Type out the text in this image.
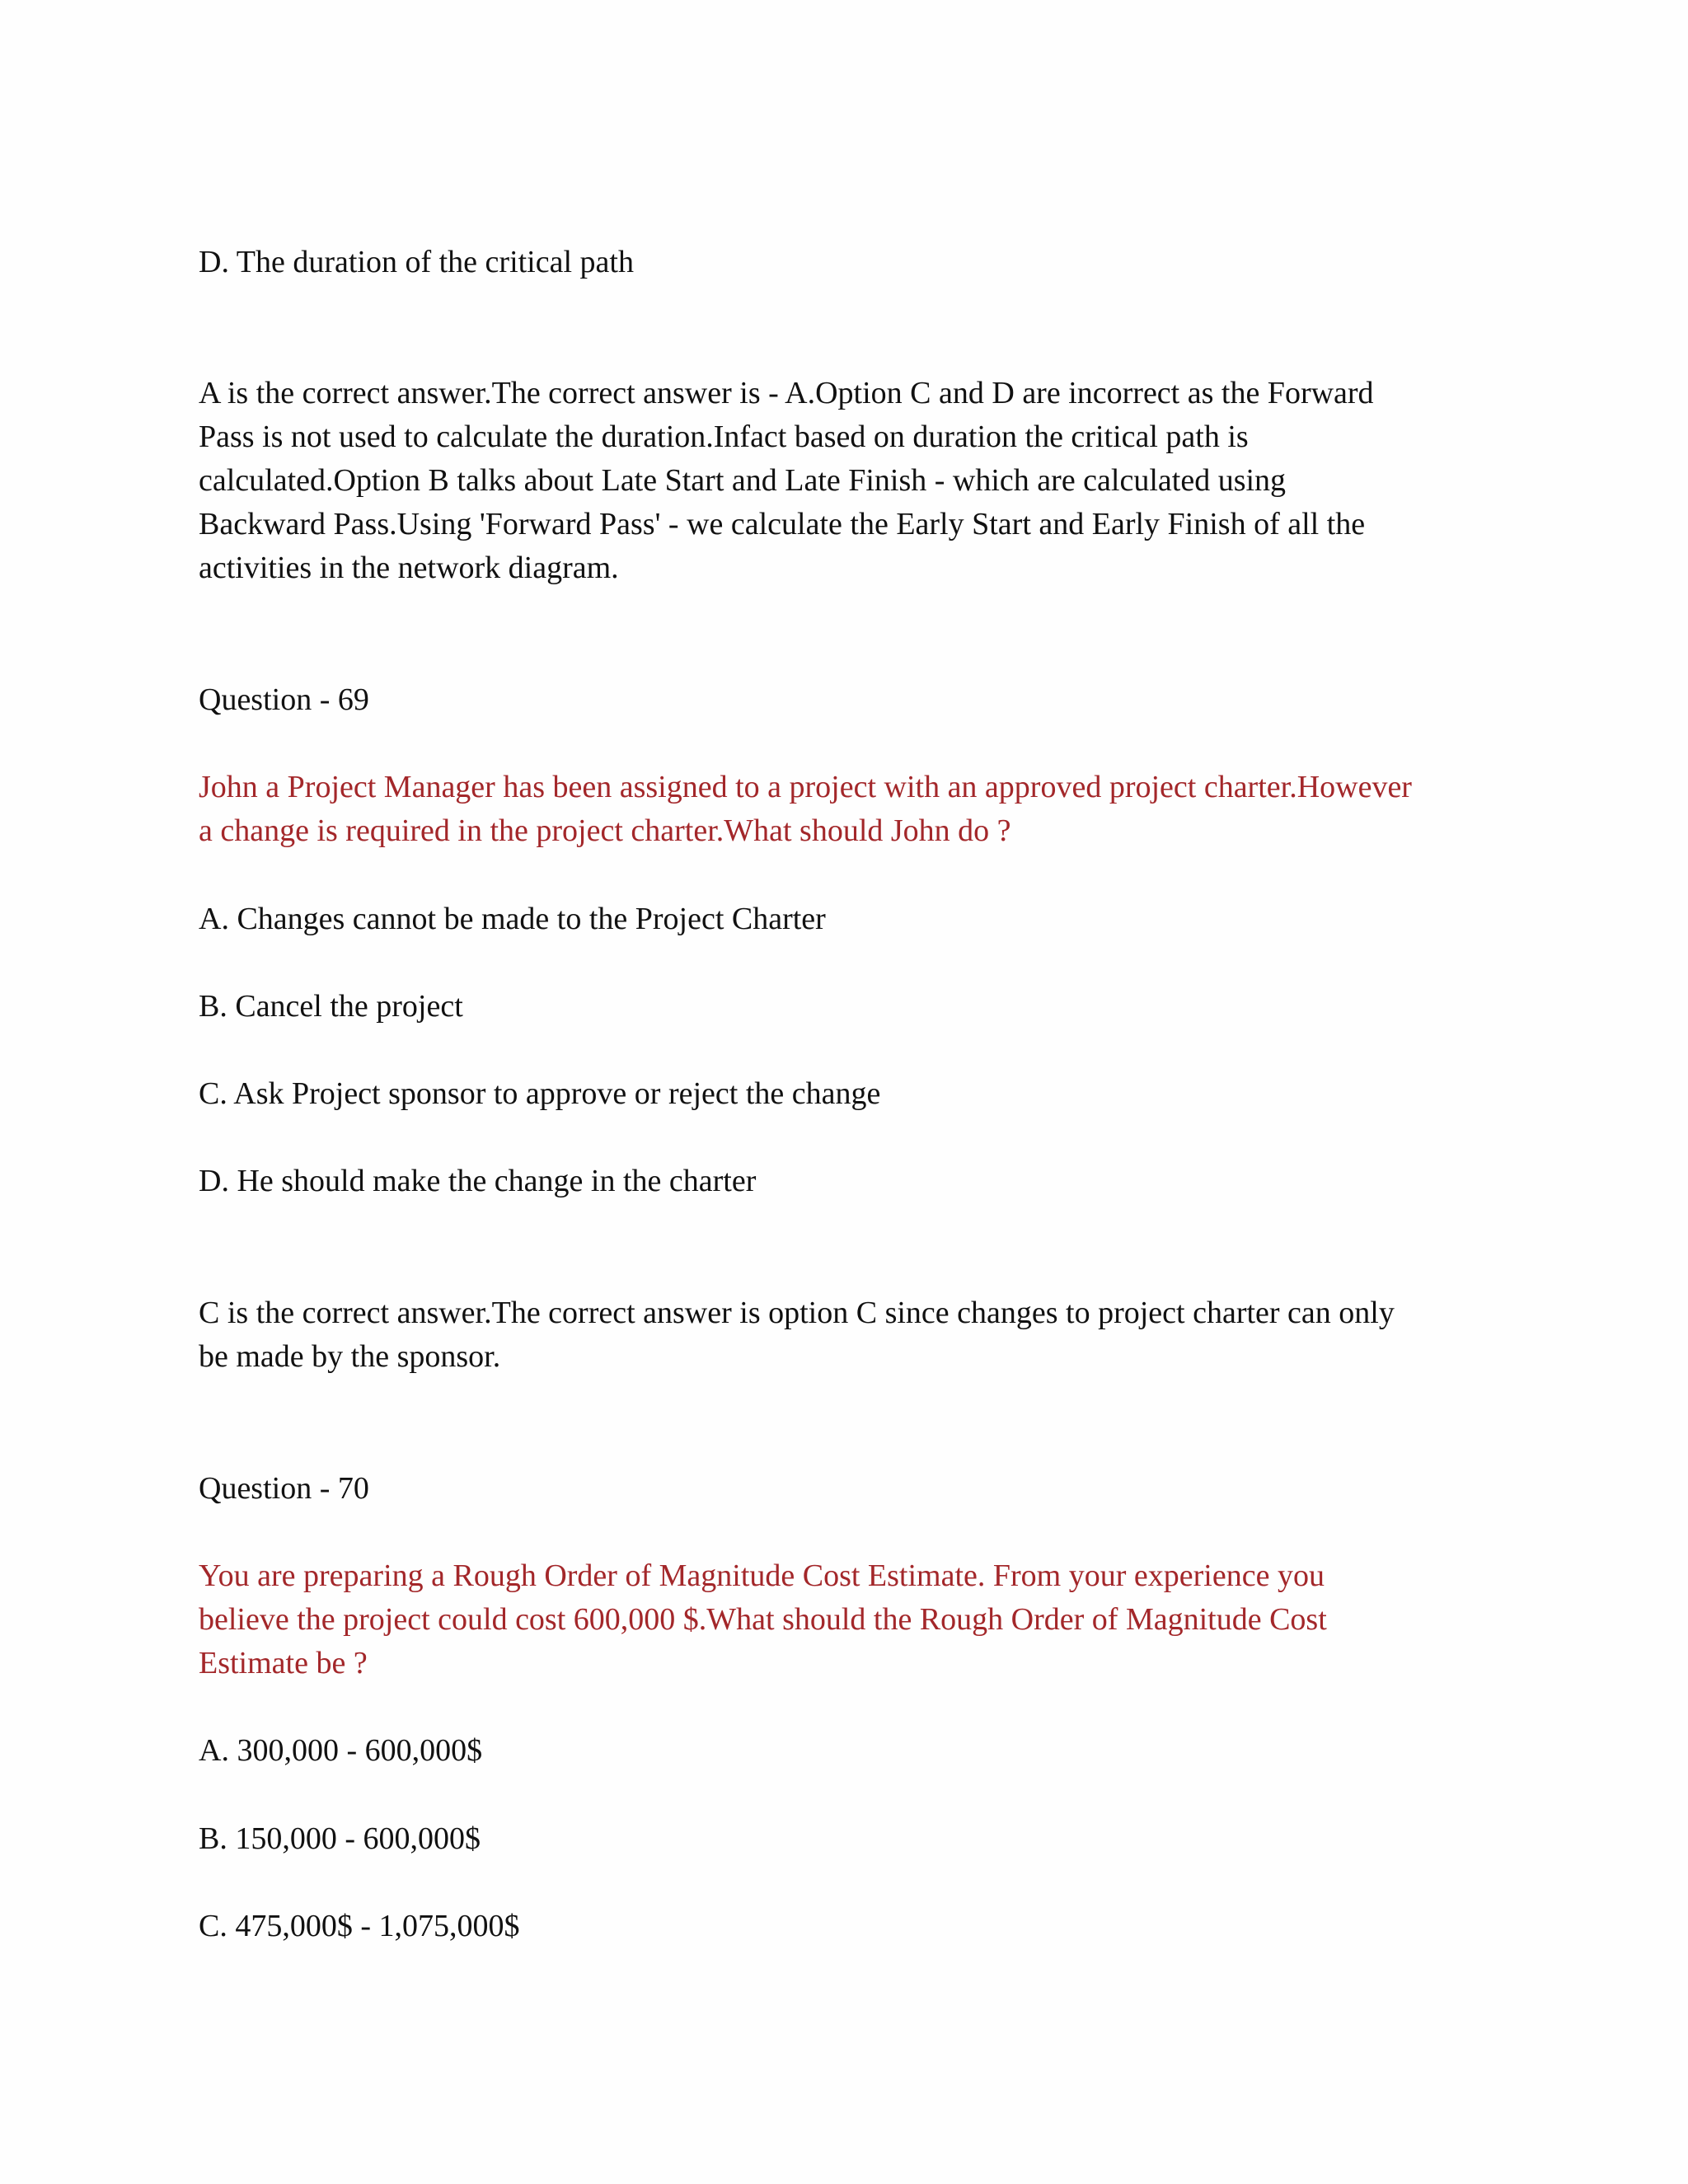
D. The duration of the critical path

A is the correct answer.The correct answer is - A.Option C and D are incorrect as the Forward
Pass is not used to calculate the duration.Infact based on duration the critical path is
calculated.Option B talks about Late Start and Late Finish - which are calculated using
Backward Pass.Using 'Forward Pass' - we calculate the Early Start and Early Finish of all the
activities in the network diagram.

Question - 69

John a Project Manager has been assigned to a project with an approved project charter.However
a change is required in the project charter.What should John do ?

A. Changes cannot be made to the Project Charter

B. Cancel the project

C. Ask Project sponsor to approve or reject the change

D. He should make the change in the charter

C is the correct answer.The correct answer is option C since changes to project charter can only
be made by the sponsor.

Question - 70

You are preparing a Rough Order of Magnitude Cost Estimate. From your experience you
believe the project could cost 600,000 $.What should the Rough Order of Magnitude Cost
Estimate be ?

A. 300,000 - 600,000$

B. 150,000 - 600,000$

C. 475,000$ - 1,075,000$
